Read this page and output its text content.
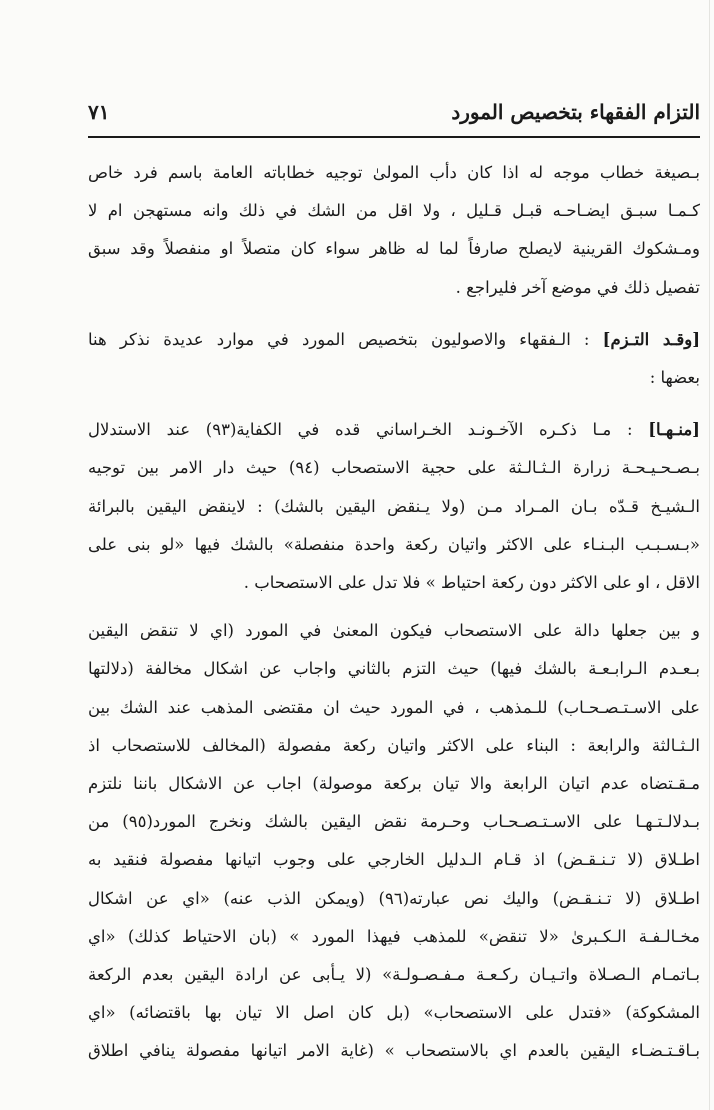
التزام الفقهاء بتخصيص المورد
٧١
بـصيغة خطاب موجه له اذا كان دأب المولىٰ توجيه خطاباته العامة باسم فرد خاص
كـمـا سبـق ايضـاحـه قبـل قـليل ، ولا اقل من الشك في ذلك وانه مستهجن ام لا
ومـشكوك القرينية لايصلح صارفاً لما له ظاهر سواء كان متصلاً او منفصلاً وقد سبق
تفصيل ذلك في موضع آخر فليراجع .
[وقـد التـزم] : الـفقهاء والاصوليون بتخصيص المورد في موارد عديدة نذكر هنا
بعضها :
[منـهـا] : مـا ذكـره الآخـونـد الخـراساني قده في الكفاية(٩٣) عند الاستدلال
بـصـحـيـحـة زرارة الـثـالـثة على حجية الاستصحاب (٩٤) حيث دار الامر بين توجيه
الـشيـخ قـدّه بـان المـراد مـن (ولا يـنقض اليقين بالشك) : لاينقض اليقين بالبرائة
«بـسـبـب البـنـاء على الاكثر واتيان ركعة واحدة منفصلة» بالشك فيها «لو بنى على
الاقل ، او على الاكثر دون ركعة احتياط » فلا تدل على الاستصحاب .
و بين جعلها دالة على الاستصحاب فيكون المعنىٰ في المورد (اي لا تنقض اليقين
بـعـدم الـرابـعـة بالشك فيها) حيث التزم بالثاني واجاب عن اشكال مخالفة (دلالتها
على الاسـتـصـحـاب) للـمذهب ، في المورد حيث ان مقتضى المذهب عند الشك بين
الـثـالثة والرابعة : البناء على الاكثر واتيان ركعة مفصولة (المخالف للاستصحاب اذ
مـقـتضاه عدم اتيان الرابعة والا تيان بركعة موصولة) اجاب عن الاشكال باننا نلتزم
بـدلالـتـهـا على الاسـتـصـحـاب وحـرمة نقض اليقين بالشك ونخرج المورد(٩٥) من
اطـلاق (لا تـنـقـض) اذ قـام الـدليل الخارجي على وجوب اتيانها مفصولة فنقيد به
اطـلاق (لا تـنـقـض) واليك نص عبارته(٩٦) (ويمكن الذب عنه) «اي عن اشكال
مخـالـفـة الـكـبرىٰ «لا تنقض» للمذهب فيهذا المورد » (بان الاحتياط كذلك) «اي
بـاتمـام الـصـلاة واتـيـان ركـعـة مـفـصـولـة» (لا يـأبى عن ارادة اليقين بعدم الركعة
المشكوكة) «فتدل على الاستصحاب» (بل كان اصل الا تيان بها باقتضائه) «اي
بـاقـتـضـاء اليقين بالعدم اي بالاستصحاب » (غاية الامر اتيانها مفصولة ينافي اطلاق
